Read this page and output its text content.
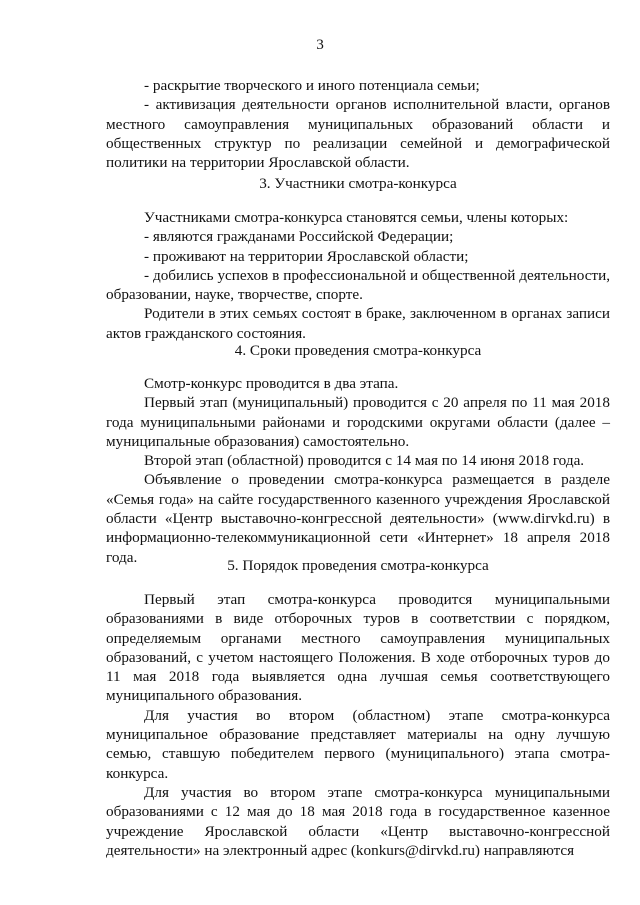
3

- раскрытие творческого и иного потенциала семьи;

- активизация деятельности органов исполнительной власти, органов местного самоуправления муниципальных образований области и общественных структур по реализации семейной и демографической политики на территории Ярославской области.

3. Участники смотра-конкурса

Участниками смотра-конкурса становятся семьи, члены которых:

- являются гражданами Российской Федерации;

- проживают на территории Ярославской области;

- добились успехов в профессиональной и общественной деятельности, образовании, науке, творчестве, спорте.

Родители в этих семьях состоят в браке, заключенном в органах записи актов гражданского состояния.

4. Сроки проведения смотра-конкурса

Смотр-конкурс проводится в два этапа.

Первый этап (муниципальный) проводится с 20 апреля по 11 мая 2018 года муниципальными районами и городскими округами области (далее – муниципальные образования) самостоятельно.

Второй этап (областной) проводится с 14 мая по 14 июня 2018 года.

Объявление о проведении смотра-конкурса размещается в разделе «Семья года» на сайте государственного казенного учреждения Ярославской области «Центр выставочно-конгрессной деятельности» (www.dirvkd.ru) в информационно-телекоммуникационной сети «Интернет» 18 апреля 2018 года.	5. Порядок проведения смотра-конкурса

Первый этап смотра-конкурса проводится муниципальными образованиями в виде отборочных туров в соответствии с порядком, определяемым органами местного самоуправления муниципальных образований, с учетом настоящего Положения. В ходе отборочных туров до 11 мая 2018 года выявляется одна лучшая семья соответствующего муниципального образования.

Для участия во втором (областном) этапе смотра-конкурса муниципальное образование представляет материалы на одну лучшую семью, ставшую победителем первого (муниципального) этапа смотра-конкурса.

Для участия во втором этапе смотра-конкурса муниципальными образованиями с 12 мая до 18 мая 2018 года в государственное казенное учреждение Ярославской области «Центр выставочно-конгрессной деятельности» на электронный адрес (konkurs@dirvkd.ru) направляются
